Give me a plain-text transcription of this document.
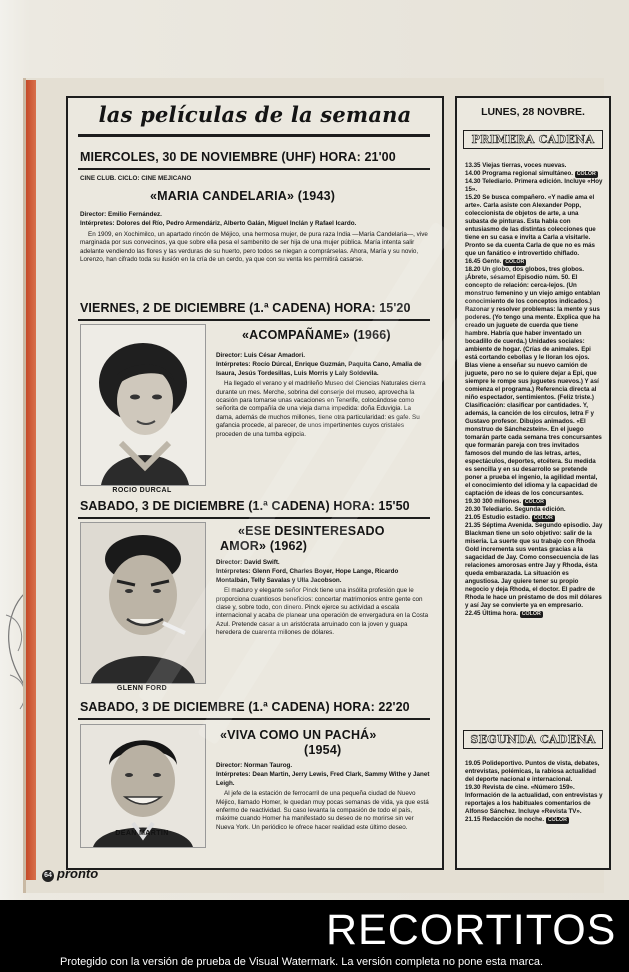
las películas de la semana
MIERCOLES, 30 DE NOVIEMBRE (UHF) HORA: 21'00
CINE CLUB. CICLO: CINE MEJICANO
«MARIA CANDELARIA» (1943)

Director: Emilio Fernández.

Intérpretes: Dolores del Río, Pedro Armendáriz, Alberto Galán, Miguel Inclán y Rafael Icardo.

En 1909, en Xochimilco, un apartado rincón de Méjico, una hermosa mujer, de pura raza India —María Candelaria—, vive marginada por sus convecinos, ya que sobre ella pesa el sambenito de ser hija de una mujer pública. María intenta salir adelante vendiendo las flores y las verduras de su huerto, pero todos se niegan a comprárselas. Ahora, María y su novio, Lorenzo, han cifrado toda su ilusión en la cría de un cerdo, ya que con su venta les permitirá casarse.

VIERNES, 2 DE DICIEMBRE (1.ª CADENA) HORA: 15'20
ROCIO DURCAL
«ACOMPAÑAME» (1966)

Director: Luis César Amadori.

Intérpretes: Rocío Dúrcal, Enrique Guzmán, Paquita Cano, Amalia de Isaura, Jesús Tordesillas, Luis Morris y Laly Soldevila.

Ha llegado el verano y el madrileño Museo del Ciencias Naturales cierra durante un mes. Merche, sobrina del conserje del museo, aprovecha la ocasión para tomarse unas vacaciones en Tenerife, colocándose como señorita de compañía de una vieja dama impedida: doña Eduvigia. La dama, además de muchos millones, tiene otra particularidad: es gafe. Su gafancia procede, al parecer, de unos impertinentes cuyos cristales proceden de una tumba egipcia.

SABADO, 3 DE DICIEMBRE (1.ª CADENA) HORA: 15'50
GLENN FORD
«ESE DESINTERESADO
AMOR» (1962)

Director: David Swift.

Intérpretes: Glenn Ford, Charles Boyer, Hope Lange, Ricardo Montalbán, Telly Savalas y Ulla Jacobson.

El maduro y elegante señor Pinck tiene una insólita profesión que le proporciona cuantiosos beneficios: concertar matrimonios entre gente con clase y, sobre todo, con dinero. Pinck ejerce su actividad a escala internacional y acaba de planear una operación de envergadura en la Costa Azul. Pretende casar a un aristócrata arruinado con la joven y guapa heredera de cuarenta millones de dólares.

SABADO, 3 DE DICIEMBRE (1.ª CADENA) HORA: 22'20
DEAN MARTIN
«VIVA COMO UN PACHÁ»
(1954)

Director: Norman Taurog.

Intérpretes: Dean Martin, Jerry Lewis, Fred Clark, Sammy Withe y Janet Leigh.

Al jefe de la estación de ferrocarril de una pequeña ciudad de Nuevo Méjico, llamado Homer, le quedan muy pocas semanas de vida, ya que está enfermo de reactividad. Su caso levanta la compasión de todo el país, máxime cuando Homer ha manifestado su deseo de no morirse sin ver Nueva York. Un periódico le ofrece hacer realidad este último deseo.

64 pronto
LUNES, 28 NOVBRE.
PRIMERA CADENA

13.35 Viejas tierras, voces nuevas.

14.00 Programa regional simultáneo. COLOR

14.30 Telediario. Primera edición. Incluye «Hoy 15».

15.20 Se busca compañero. «Y nadie ama el arte». Carla asiste con Alexander Popp, coleccionista de objetos de arte, a una subasta de pinturas. Esta habla con entusiasmo de las distintas colecciones que tiene en su casa e invita a Carla a visitarle. Pronto se da cuenta Carla de que no es más que un fanático e introvertido chiflado.

16.45 Gente. COLOR

18.20 Un globo, dos globos, tres globos. ¡Ábrete, sésamo! Episodio núm. 50. El concepto de relación: cerca-lejos. (Un monstruo femenino y un viejo amigo entablan conocimiento de los conceptos indicados.) Razonar y resolver problemas: la mente y sus poderes. (Yo tengo una mente. Explica que ha creado un juguete de cuerda que tiene hambre. Habría que haber inventado un bocadillo de cuerda.) Unidades sociales: ambiente de hogar. (Crías de animales. Epi está cortando cebollas y le lloran los ojos. Blas viene a enseñar su nuevo camión de juguete, pero no se lo quiere dejar a Epi, que siempre le rompe sus juguetes nuevos.) Y así comienza el programa.) Referencia directa al niño espectador, sentimientos. (Feliz triste.) Clasificación: clasificar por cantidades. Y, además, la canción de los círculos, letra F y Gustavo profesor. Dibujos animados. «El monstruo de Sánchezstein». En el juego tomarán parte cada semana tres concursantes que formarán pareja con tres invitados famosos del mundo de las letras, artes, espectáculos, deportes, etcétera. Su medida es sencilla y en su desarrollo se pretende poner a prueba el ingenio, la agilidad mental, el conocimiento del idioma y la capacidad de captación de ideas de los concursantes.

19.30 300 millones. COLOR

20.30 Telediario. Segunda edición.

21.05 Estudio estadio. COLOR

21.35 Séptima Avenida. Segundo episodio. Jay Blackman tiene un solo objetivo: salir de la miseria. La suerte que su trabajo con Rhoda Gold incrementa sus ventas gracias a la sagacidad de Jay. Como consecuencia de las relaciones amorosas entre Jay y Rhoda, ésta queda embarazada. La situación es angustiosa. Jay quiere tener su propio negocio y deja Rhoda, el doctor. El padre de Rhoda le hace un préstamo de dos mil dólares y así Jay se convierte ya en empresario.

22.45 Última hora. COLOR

SEGUNDA CADENA

19.05 Polideportivo. Puntos de vista, debates, entrevistas, polémicas, la rabiosa actualidad del deporte nacional e internacional.

19.30 Revista de cine. «Número 159». Información de la actualidad, con entrevistas y reportajes a los habituales comentarios de Alfonso Sánchez. Incluye «Revista TV».

21.15 Redacción de noche. COLOR

RECORTITOS
Protegido con la versión de prueba de Visual Watermark. La versión completa no pone esta marca.
